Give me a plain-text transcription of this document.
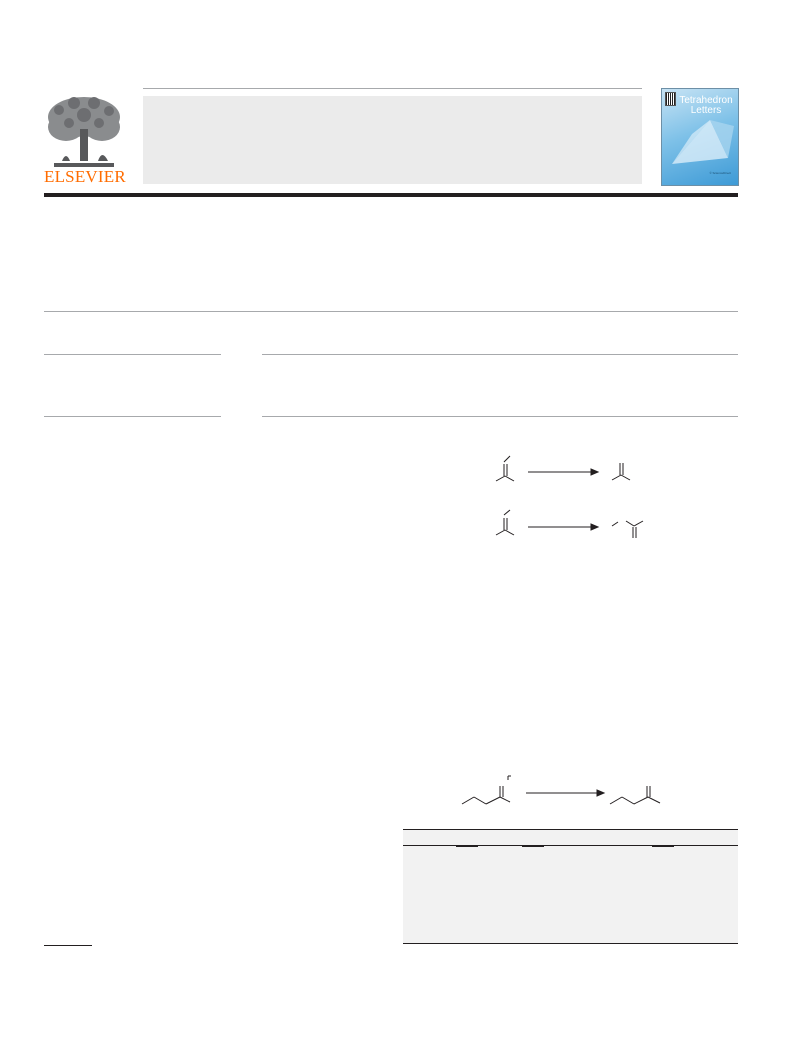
ELSEVIER
Tetrahedron
Letters
© ScienceDirect
